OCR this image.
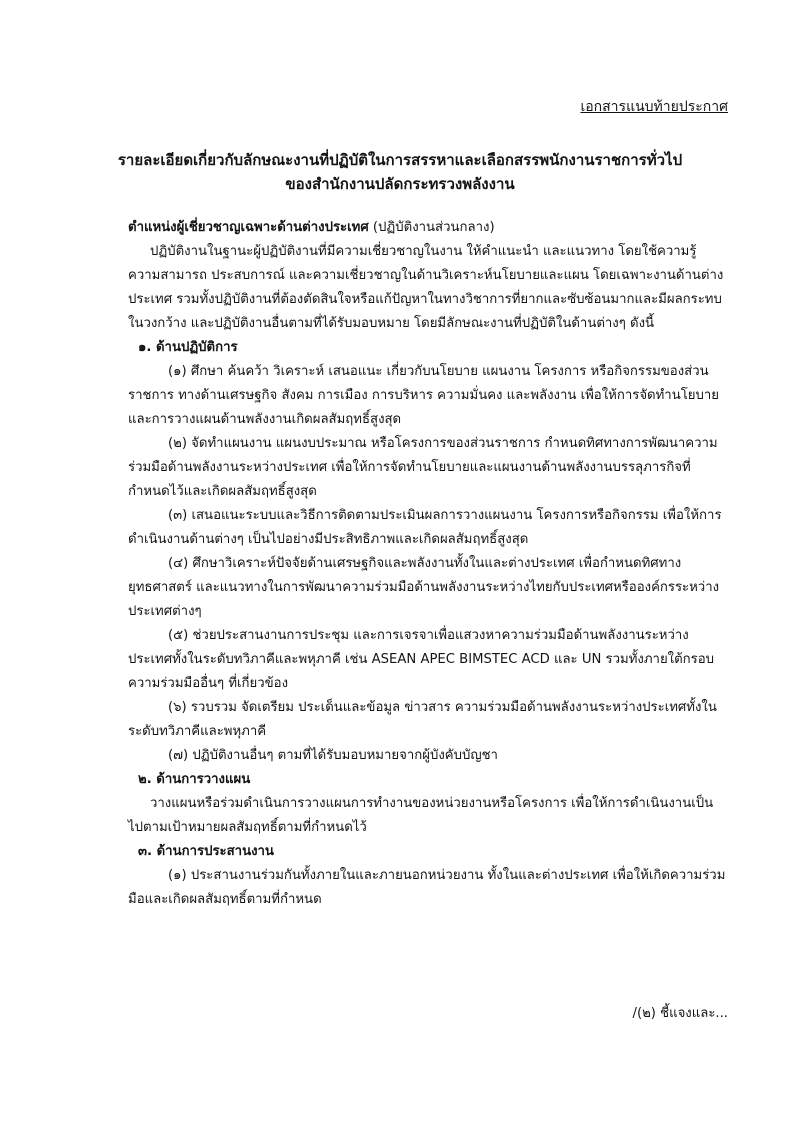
เอกสารแนบท้ายประกาศ
รายละเอียดเกี่ยวกับลักษณะงานที่ปฏิบัติในการสรรหาและเลือกสรรพนักงานราชการทั่วไป
ของสำนักงานปลัดกระทรวงพลังงาน

ตำแหน่งผู้เชี่ยวชาญเฉพาะด้านต่างประเทศ (ปฏิบัติงานส่วนกลาง)

ปฏิบัติงานในฐานะผู้ปฏิบัติงานที่มีความเชี่ยวชาญในงาน ให้คำแนะนำ และแนวทาง โดยใช้ความรู้ ความสามารถ ประสบการณ์ และความเชี่ยวชาญในด้านวิเคราะห์นโยบายและแผน โดยเฉพาะงานด้านต่างประเทศ รวมทั้งปฏิบัติงานที่ต้องตัดสินใจหรือแก้ปัญหาในทางวิชาการที่ยากและซับซ้อนมากและมีผลกระทบในวงกว้าง และปฏิบัติงานอื่นตามที่ได้รับมอบหมาย โดยมีลักษณะงานที่ปฏิบัติในด้านต่างๆ ดังนี้

๑. ด้านปฏิบัติการ

(๑) ศึกษา ค้นคว้า วิเคราะห์ เสนอแนะ เกี่ยวกับนโยบาย แผนงาน โครงการ หรือกิจกรรมของส่วนราชการ ทางด้านเศรษฐกิจ สังคม การเมือง การบริหาร ความมั่นคง และพลังงาน เพื่อให้การจัดทำนโยบายและการวางแผนด้านพลังงานเกิดผลสัมฤทธิ์สูงสุด

(๒) จัดทำแผนงาน แผนงบประมาณ หรือโครงการของส่วนราชการ กำหนดทิศทางการพัฒนาความร่วมมือด้านพลังงานระหว่างประเทศ เพื่อให้การจัดทำนโยบายและแผนงานด้านพลังงานบรรลุภารกิจที่กำหนดไว้และเกิดผลสัมฤทธิ์สูงสุด

(๓) เสนอแนะระบบและวิธีการติดตามประเมินผลการวางแผนงาน โครงการหรือกิจกรรม เพื่อให้การดำเนินงานด้านต่างๆ เป็นไปอย่างมีประสิทธิภาพและเกิดผลสัมฤทธิ์สูงสุด

(๔) ศึกษาวิเคราะห์ปัจจัยด้านเศรษฐกิจและพลังงานทั้งในและต่างประเทศ เพื่อกำหนดทิศทางยุทธศาสตร์ และแนวทางในการพัฒนาความร่วมมือด้านพลังงานระหว่างไทยกับประเทศหรือองค์กรระหว่างประเทศต่างๆ

(๕) ช่วยประสานงานการประชุม และการเจรจาเพื่อแสวงหาความร่วมมือด้านพลังงานระหว่างประเทศทั้งในระดับทวิภาคีและพหุภาคี เช่น ASEAN APEC BIMSTEC ACD และ UN รวมทั้งภายใต้กรอบความร่วมมืออื่นๆ ที่เกี่ยวข้อง

(๖) รวบรวม จัดเตรียม ประเด็นและข้อมูล ข่าวสาร ความร่วมมือด้านพลังงานระหว่างประเทศทั้งในระดับทวิภาคีและพหุภาคี

(๗) ปฏิบัติงานอื่นๆ ตามที่ได้รับมอบหมายจากผู้บังคับบัญชา

๒. ด้านการวางแผน

วางแผนหรือร่วมดำเนินการวางแผนการทำงานของหน่วยงานหรือโครงการ เพื่อให้การดำเนินงานเป็นไปตามเป้าหมายผลสัมฤทธิ์ตามที่กำหนดไว้

๓. ด้านการประสานงาน

(๑) ประสานงานร่วมกันทั้งภายในและภายนอกหน่วยงาน ทั้งในและต่างประเทศ เพื่อให้เกิดความร่วมมือและเกิดผลสัมฤทธิ์ตามที่กำหนด

/(๒) ชี้แจงและ...
